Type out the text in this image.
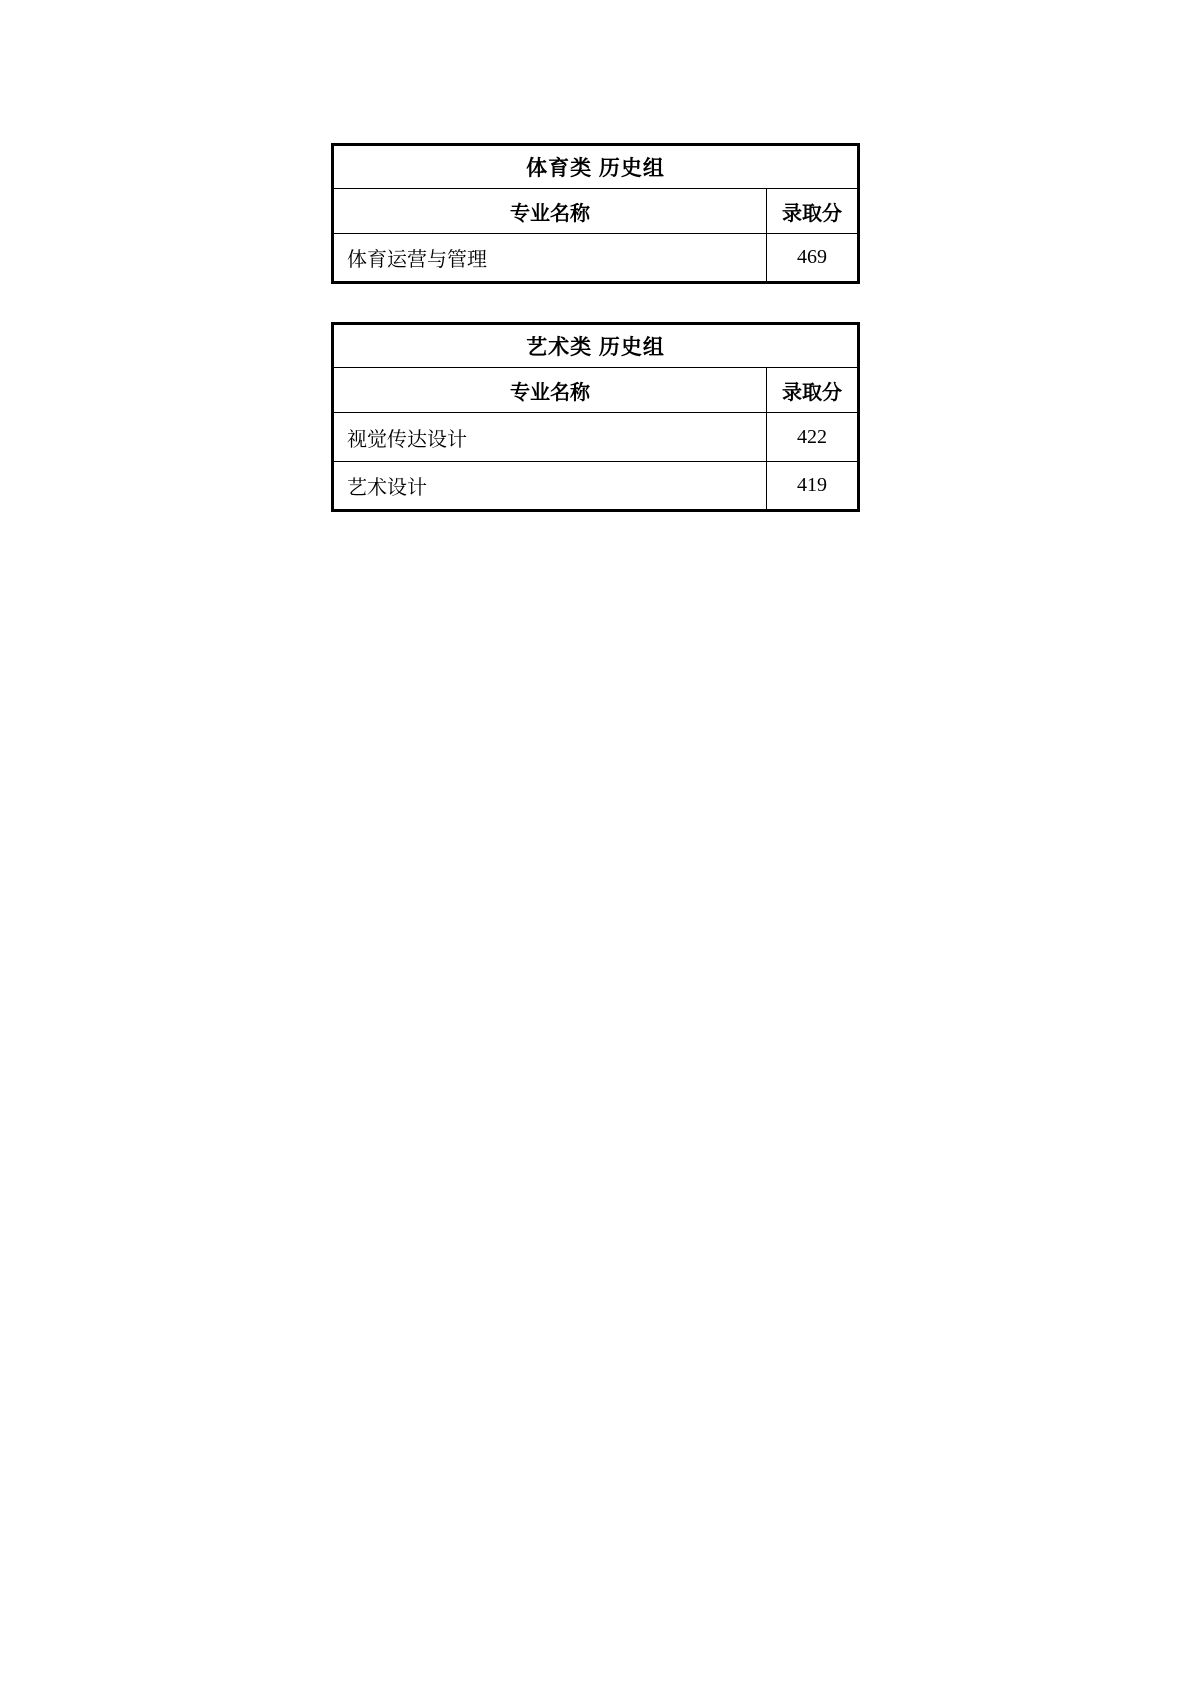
体育类 历史组	
专业名称	录取分
体育运营与管理	469
艺术类 历史组	
专业名称	录取分
视觉传达设计	422
艺术设计	419
